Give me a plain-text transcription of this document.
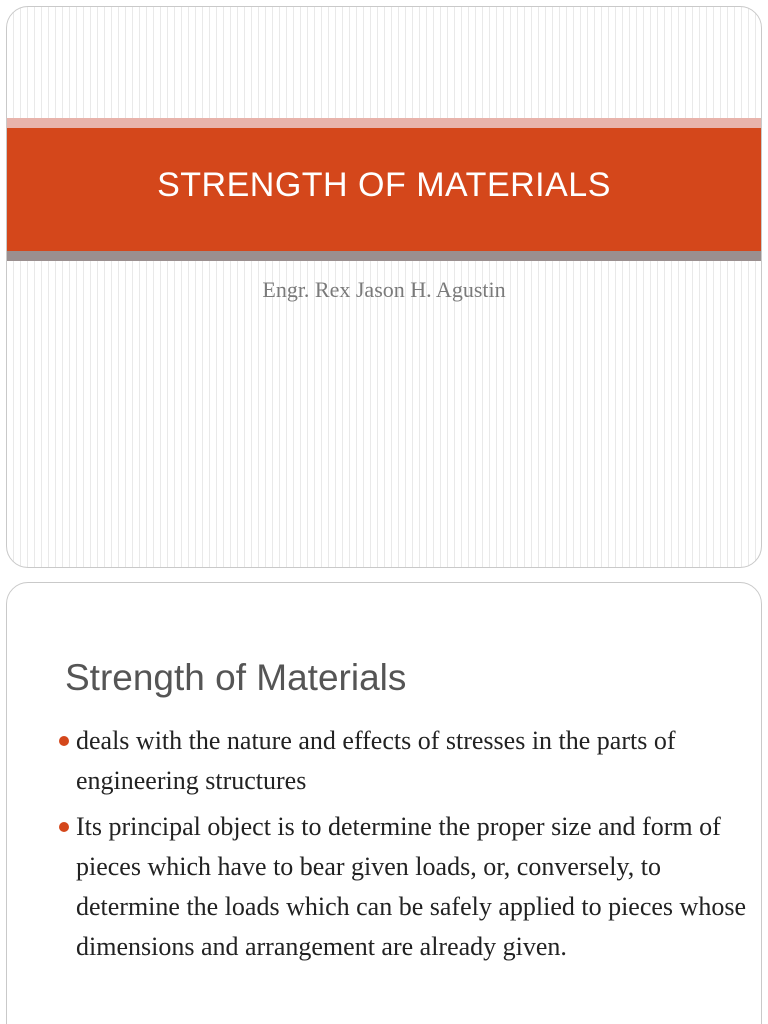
STRENGTH OF MATERIALS
Engr. Rex Jason H. Agustin
Strength of Materials
deals with the nature and effects of stresses in the parts of engineering structures
Its principal object is to determine the proper size and form of pieces which have to bear given loads, or, conversely, to determine the loads which can be safely applied to pieces whose dimensions and arrangement are already given.
